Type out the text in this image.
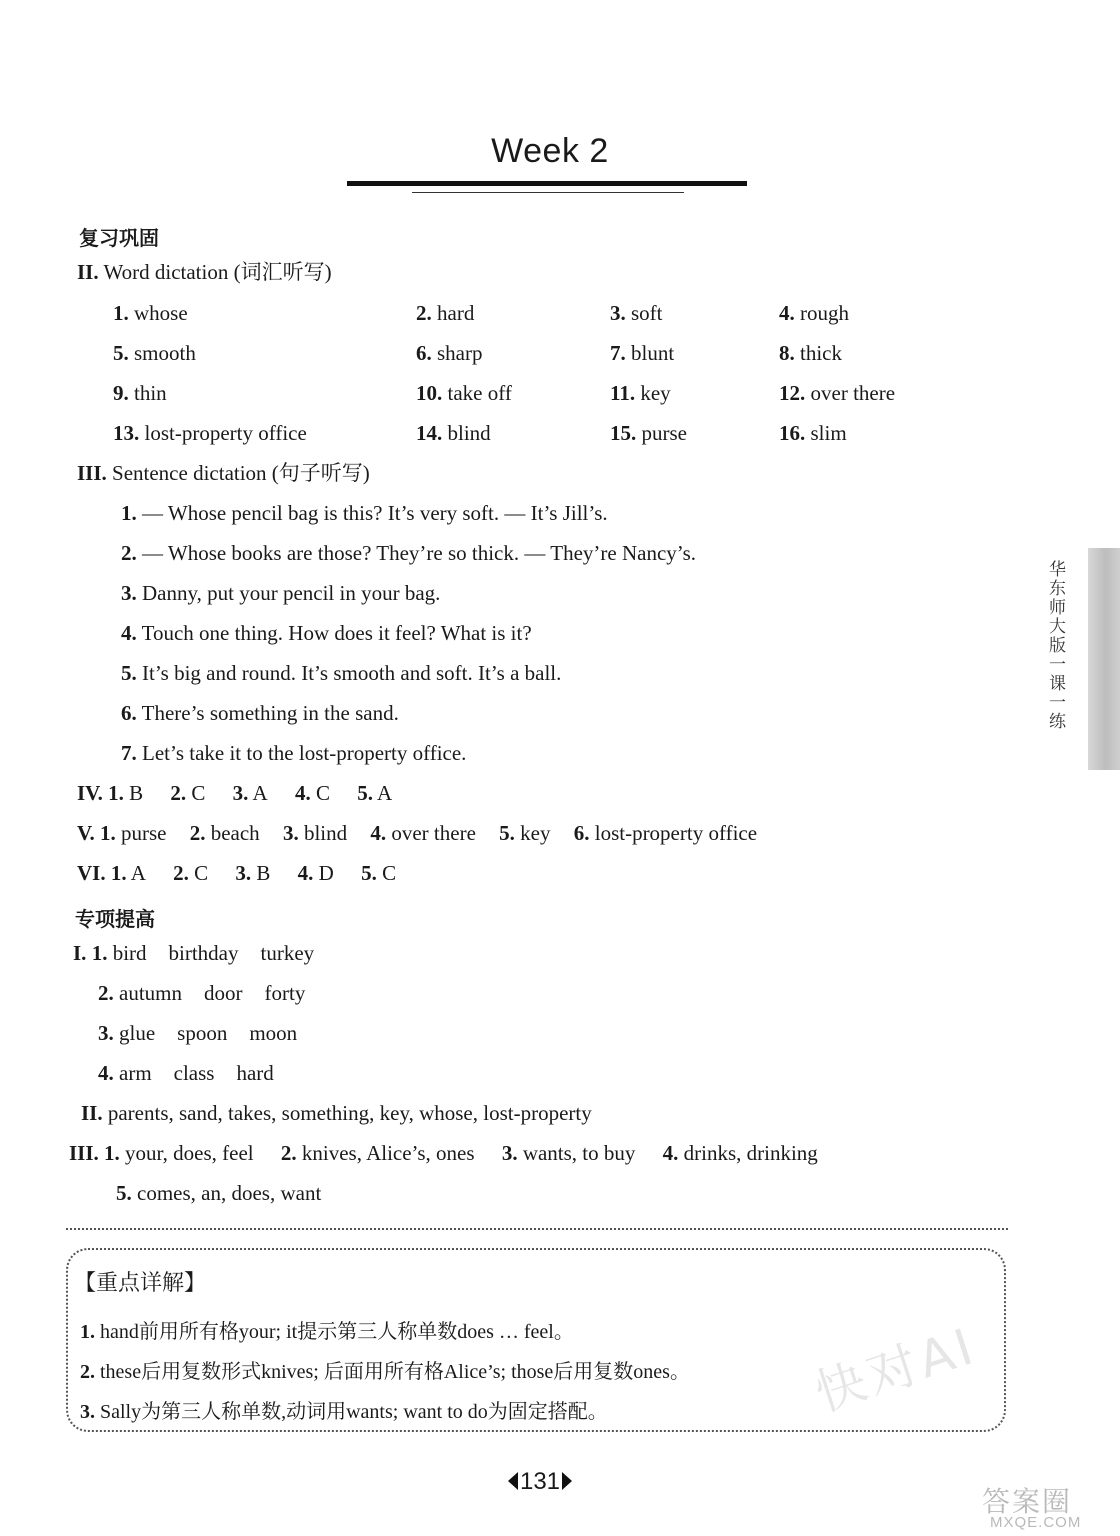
Week 2
复习巩固
II. Word dictation (词汇听写)
1. whose	2. hard	3. soft	4. rough
5. smooth	6. sharp	7. blunt	8. thick
9. thin	10. take off	11. key	12. over there
13. lost-property office	14. blind	15. purse	16. slim
III. Sentence dictation (句子听写)
1. — Whose pencil bag is this? It’s very soft. — It’s Jill’s.
2. — Whose books are those? They’re so thick. — They’re Nancy’s.
3. Danny, put your pencil in your bag.
4. Touch one thing. How does it feel? What is it?
5. It’s big and round. It’s smooth and soft. It’s a ball.
6. There’s something in the sand.
7. Let’s take it to the lost-property office.
IV. 1. B 2. C 3. A 4. C 5. A
V. 1. purse 2. beach 3. blind 4. over there 5. key 6. lost-property office
VI. 1. A 2. C 3. B 4. D 5. C
专项提高
I. 1. bird birthday turkey
2. autumn door forty
3. glue spoon moon
4. arm class hard
II. parents, sand, takes, something, key, whose, lost-property
III. 1. your, does, feel 2. knives, Alice’s, ones 3. wants, to buy 4. drinks, drinking
5. comes, an, does, want
【重点详解】
1. hand前用所有格your; it提示第三人称单数does … feel。
2. these后用复数形式knives; 后面用所有格Alice’s; those后用复数ones。
3. Sally为第三人称单数,动词用wants; want to do为固定搭配。	快对AI
华东师大版一课一练
131
答案圈
MXQE.COM
